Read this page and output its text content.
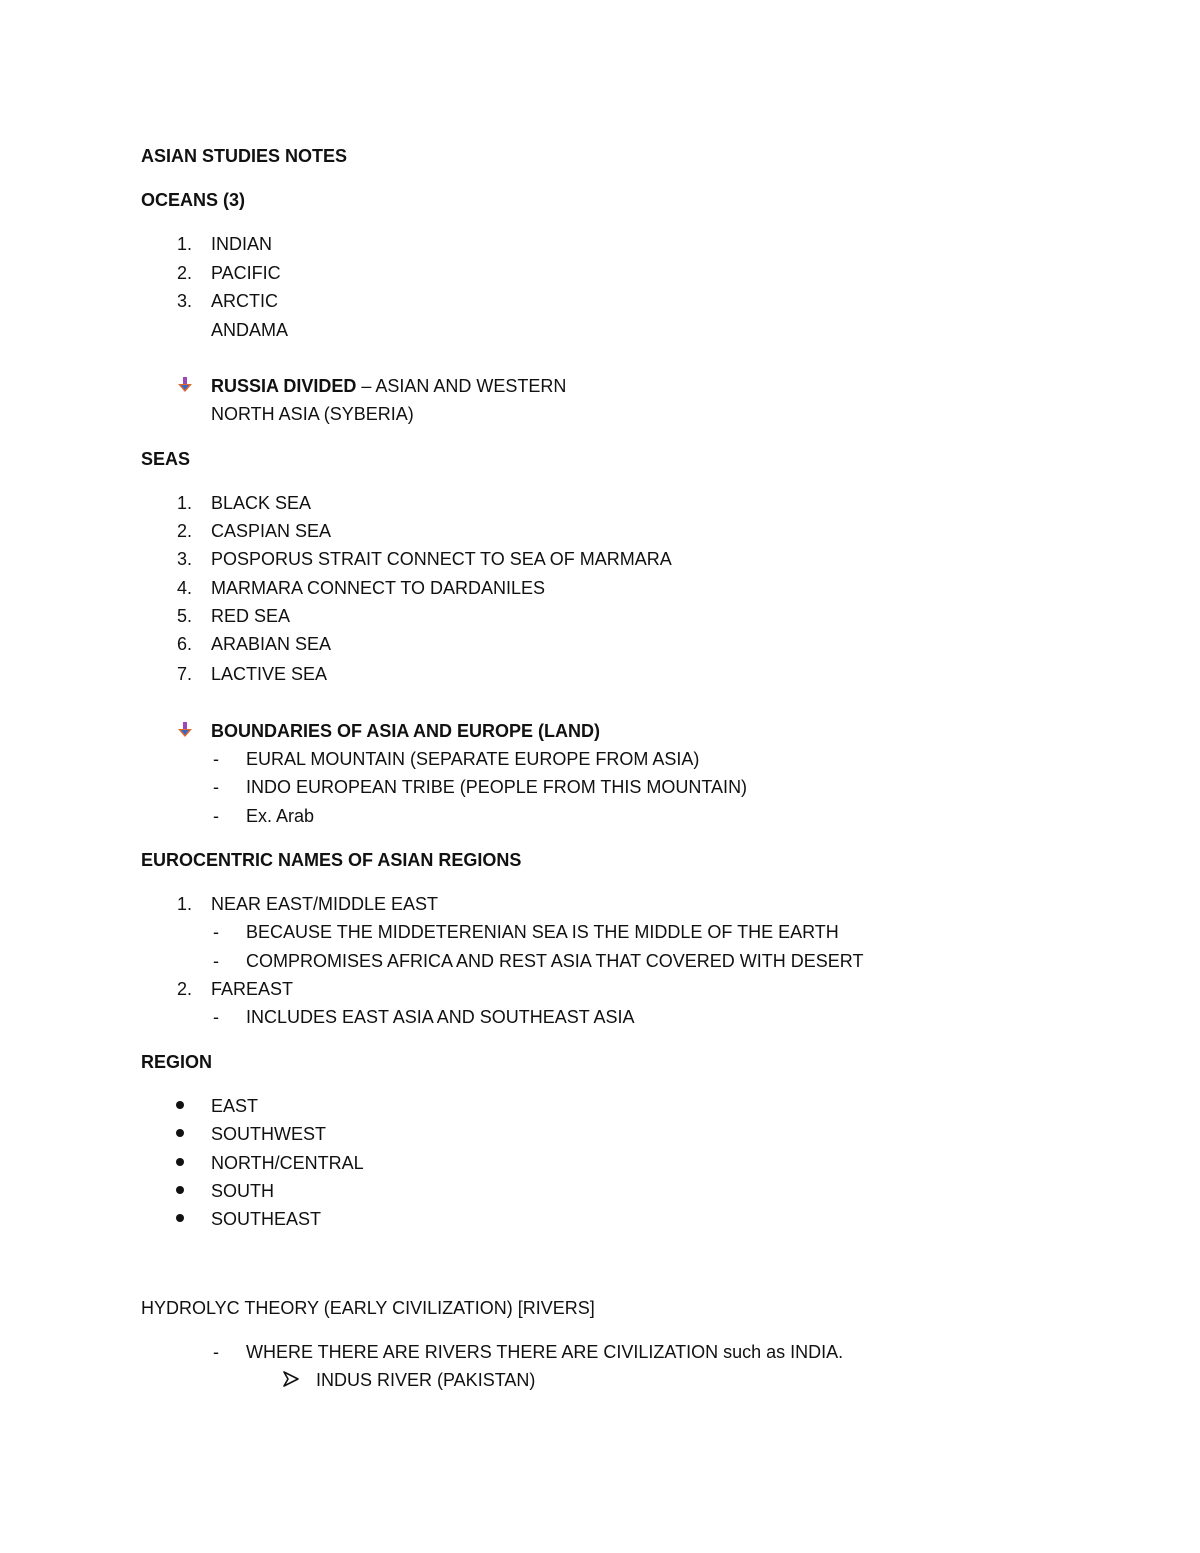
ASIAN STUDIES NOTES
OCEANS (3)
1. INDIAN
2. PACIFIC
3. ARCTIC
ANDAMA
RUSSIA DIVIDED – ASIAN AND WESTERN
NORTH ASIA (SYBERIA)
SEAS
1. BLACK SEA
2. CASPIAN SEA
3. POSPORUS STRAIT CONNECT TO SEA OF MARMARA
4. MARMARA CONNECT TO DARDANILES
5. RED SEA
6. ARABIAN SEA
7. LACTIVE SEA
BOUNDARIES OF ASIA AND EUROPE (LAND)
- EURAL MOUNTAIN (SEPARATE EUROPE FROM ASIA)
- INDO EUROPEAN TRIBE (PEOPLE FROM THIS MOUNTAIN)
- Ex. Arab
EUROCENTRIC NAMES OF ASIAN REGIONS
1. NEAR EAST/MIDDLE EAST
- BECAUSE THE MIDDETERENIAN SEA IS THE MIDDLE OF THE EARTH
- COMPROMISES AFRICA AND REST ASIA THAT COVERED WITH DESERT
2. FAREAST
- INCLUDES EAST ASIA AND SOUTHEAST ASIA
REGION
EAST
SOUTHWEST
NORTH/CENTRAL
SOUTH
SOUTHEAST
HYDROLYC THEORY (EARLY CIVILIZATION) [RIVERS]
- WHERE THERE ARE RIVERS THERE ARE CIVILIZATION such as INDIA.
INDUS RIVER (PAKISTAN)
